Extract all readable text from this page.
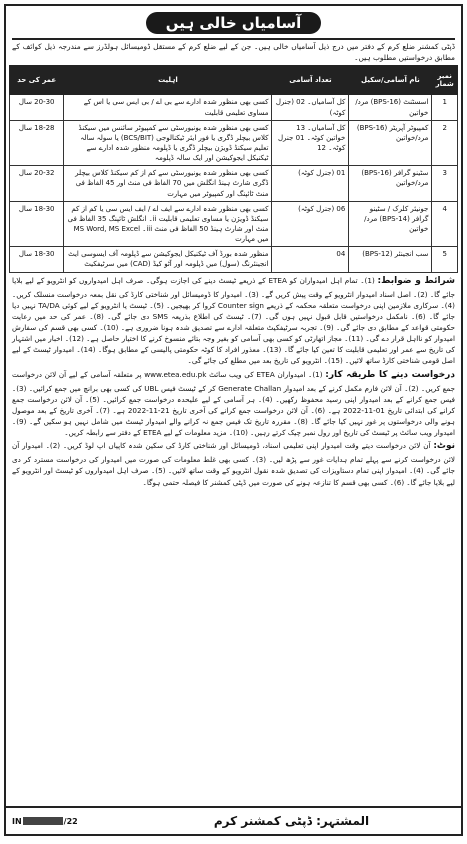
آسامیاں خالی ہیں
ڈپٹی کمشنر ضلع کرم کے دفتر میں درج ذیل آسامیاں خالی ہیں۔ جن کے لیے ضلع کرم کے مستقل ڈومیسائل ہولڈرز سے مندرجہ ذیل کوائف کے مطابق درخواستیں مطلوب ہیں۔
نمبر شمار	نام آسامی/سکیل	تعداد آسامی	اہلیت	عمر کی حد
1	اسسٹنٹ (BPS-16) مرد/خواتین	کل آسامیاں۔ 02 (جنرل کوٹہ)	کسی بھی منظور شدہ ادارے سے بی اے / بی ایس سی یا اس کے مساوی تعلیمی قابلیت	20-30 سال
2	کمپیوٹر آپریٹر (BPS-16) مرد/خواتین	کل آسامیاں۔ 13 خواتین کوٹہ۔ 01 جنرل کوٹہ۔ 12	کسی بھی منظور شدہ یونیورسٹی سے کمپیوٹر سائنس میں سیکنڈ کلاس بیچلر ڈگری یا فور ایئر ٹیکنالوجی (BCS/BIT) یا سولہ سالہ تعلیم سیکنڈ ڈویژن بیچلر ڈگری یا ڈپلومہ منظور شدہ ادارے سے ٹیکنیکل ایجوکیشن اور ایک سالہ ڈپلومہ	18-28 سال
3	سٹینو گرافر (BPS-16) مرد/خواتین	01 (جنرل کوٹہ)	کسی بھی منظور شدہ یونیورسٹی سے کم از کم سیکنڈ کلاس بیچلر ڈگری شارٹ ہینڈ انگلش میں 70 الفاظ فی منٹ اور 45 الفاظ فی منٹ ٹائپنگ اور کمپیوٹر میں مہارت	20-32 سال
4	جونیئر کلرک / سٹینو گرافر (BPS-14) مرد/خواتین	06 (جنرل کوٹہ)	کسی بھی منظور شدہ ادارے سے ایف اے / ایف ایس سی یا کم از کم سیکنڈ ڈویژن یا مساوی تعلیمی قابلیت ii۔ انگلش ٹائپنگ 35 الفاظ فی منٹ اور شارٹ ہینڈ 50 الفاظ فی منٹ iii۔ MS Word, MS Excel میں مہارت	18-30 سال
5	سب انجینئر (BPS-12)	04	منظور شدہ بورڈ آف ٹیکنیکل ایجوکیشن سے ڈپلومہ آف ایسوسی ایٹ انجینئرنگ (سول) میں ڈپلومہ اور آٹو کیڈ (CAD) میں سرٹیفکیٹ	18-30 سال
شرائط و ضوابط: (1)۔ تمام اہل امیدواران کو ETEA کے ذریعے ٹیسٹ دینے کی اجازت ہوگی۔ صرف اہل امیدواروں کو انٹرویو کے لیے بلایا جائے گا۔ (2)۔ اصل اسناد امیدوار انٹرویو کے وقت پیش کریں گے۔ (3)۔ امیدوار کا ڈومیسائل اور شناختی کارڈ کی نقل بمعہ درخواست منسلک کریں۔ (4)۔ سرکاری ملازمین اپنی درخواست متعلقہ محکمہ کے ذریعے Counter sign کروا کر بھیجیں۔ (5)۔ ٹیسٹ یا انٹرویو کے لیے کوئی TA/DA نہیں دیا جائے گا۔ (6)۔ نامکمل درخواستیں قابل قبول نہیں ہوں گی۔ (7)۔ ٹیسٹ کی اطلاع بذریعہ SMS دی جائے گی۔ (8)۔ عمر کی حد میں رعایت حکومتی قواعد کے مطابق دی جائے گی۔ (9)۔ تجربہ سرٹیفکیٹ متعلقہ ادارے سے تصدیق شدہ ہونا ضروری ہے۔ (10)۔ کسی بھی قسم کی سفارش امیدوار کو نااہل قرار دے گی۔ (11)۔ مجاز اتھارٹی کو کسی بھی آسامی کو بغیر وجہ بتائے منسوخ کرنے کا اختیار حاصل ہے۔ (12)۔ اخبار میں اشتہار کی تاریخ سے عمر اور تعلیمی قابلیت کا تعین کیا جائے گا۔ (13)۔ معذور افراد کا کوٹہ حکومتی پالیسی کے مطابق ہوگا۔ (14)۔ امیدوار ٹیسٹ کے لیے اصل قومی شناختی کارڈ ساتھ لائیں۔ (15)۔ انٹرویو کی تاریخ بعد میں مطلع کی جائے گی۔
درخواست دینے کا طریقہ کار: (1)۔ امیدواران ETEA کی ویب سائٹ www.etea.edu.pk پر متعلقہ آسامی کے لیے آن لائن درخواست جمع کریں۔ (2)۔ آن لائن فارم مکمل کرنے کے بعد امیدوار Generate Challan کر کے ٹیسٹ فیس UBL کی کسی بھی برانچ میں جمع کرائیں۔ (3)۔ فیس جمع کرانے کے بعد امیدوار اپنی رسید محفوظ رکھیں۔ (4)۔ ہر آسامی کے لیے علیحدہ درخواست جمع کرائیں۔ (5)۔ آن لائن درخواست جمع کرانے کی ابتدائی تاریخ 01-11-2022 ہے۔ (6)۔ آن لائن درخواست جمع کرانے کی آخری تاریخ 21-11-2022 ہے۔ (7)۔ آخری تاریخ کے بعد موصول ہونے والی درخواستوں پر غور نہیں کیا جائے گا۔ (8)۔ مقررہ تاریخ تک فیس جمع نہ کرانے والے امیدوار ٹیسٹ میں شامل نہیں ہو سکیں گے۔ (9)۔ امیدوار ویب سائٹ پر ٹیسٹ کی تاریخ اور رول نمبر چیک کرتے رہیں۔ (10)۔ مزید معلومات کے لیے ETEA کے دفتر سے رابطہ کریں۔
نوٹ: آن لائن درخواست دیتے وقت امیدوار اپنی تعلیمی اسناد، ڈومیسائل اور شناختی کارڈ کی سکین شدہ کاپیاں اپ لوڈ کریں۔ (2)۔ امیدوار آن لائن درخواست کرنے سے پہلے تمام ہدایات غور سے پڑھ لیں۔ (3)۔ کسی بھی غلط معلومات کی صورت میں امیدوار کی درخواست مسترد کر دی جائے گی۔ (4)۔ امیدوار اپنی تمام دستاویزات کی تصدیق شدہ نقول انٹرویو کے وقت ساتھ لائیں۔ (5)۔ صرف اہل امیدواروں کو ٹیسٹ اور انٹرویو کے لیے بلایا جائے گا۔ (6)۔ کسی بھی قسم کا تنازعہ ہونے کی صورت میں ڈپٹی کمشنر کا فیصلہ حتمی ہوگا۔
IN	/22	المشتہر: ڈپٹی کمشنر کرم
